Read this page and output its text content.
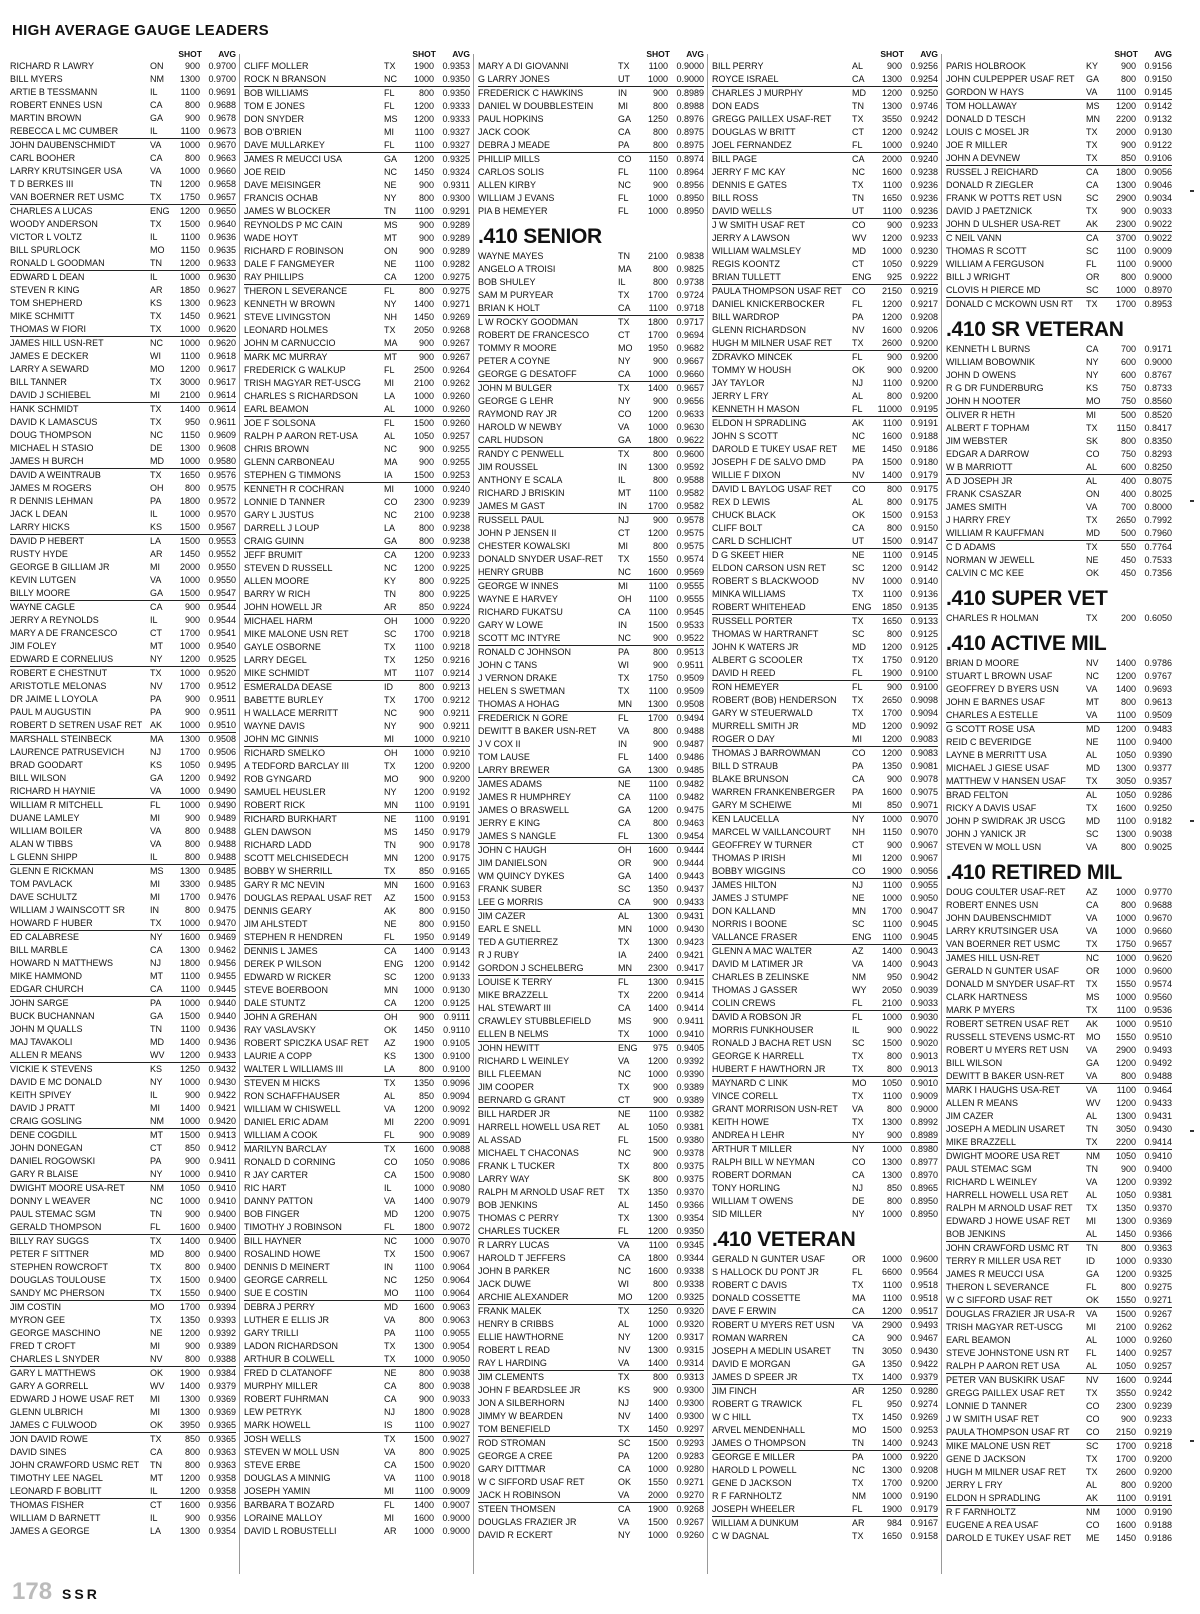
HIGH AVERAGE GAUGE LEADERS
SHOT	AVG
RICHARD R LAWRY	ON	900 0.9700
BILL MYERS	NM	1300 0.9700
ARTIE B TESSMANN	IL	1100 0.9691
ROBERT ENNES USN	CA	800 0.9688
MARTIN BROWN	GA	900 0.9678
REBECCA L MC CUMBER	IL	1100 0.9673
JOHN DAUBENSCHMIDT	VA	1000 0.9670
CARL BOOHER	CA	800 0.9663
LARRY KRUTSINGER USA	VA	1000 0.9660
T D BERKES III	TN	1200 0.9658
VAN BOERNER RET USMC	TX	1750 0.9657
CHARLES A LUCAS	ENG	1200 0.9650
WOODY ANDERSON	TX	1500 0.9640
VICTOR L VOLTZ	IL	1100 0.9636
BILL SPURLOCK	MO	1150 0.9635
RONALD L GOODMAN	TN	1200 0.9633
EDWARD L DEAN	IL	1000 0.9630
STEVEN R KING	AR	1850 0.9627
TOM SHEPHERD	KS	1300 0.9623
MIKE SCHMITT	TX	1450 0.9621
THOMAS W FIORI	TX	1000 0.9620
JAMES HILL USN-RET	NC	1000 0.9620
JAMES E DECKER	WI	1100 0.9618
LARRY A SEWARD	MO	1200 0.9617
BILL TANNER	TX	3000 0.9617
DAVID J SCHIEBEL	MI	2100 0.9614
HANK SCHMIDT	TX	1400 0.9614
DAVID K LAMASCUS	TX	950	0.9611
DOUG THOMPSON	NC	1150 0.9609
MICHAEL H STASIO	DE	1300 0.9608
JAMES H BURCH	MD	1000 0.9580
DAVID A WEINTRAUB	TX	1650 0.9576
JAMES M ROGERS	OH	800 0.9575
R DENNIS LEHMAN	PA	1800 0.9572
JACK L DEAN	IL	1000 0.9570
LARRY HICKS	KS	1500 0.9567
DAVID P HEBERT	LA	1500 0.9553
RUSTY HYDE	AR	1450 0.9552
GEORGE B GILLIAM JR	MI	2000 0.9550
KEVIN LUTGEN	VA	1000 0.9550
BILLY MOORE	GA	1500 0.9547
WAYNE CAGLE	CA	900 0.9544
JERRY A REYNOLDS	IL	900 0.9544
MARY A DE FRANCESCO	CT	1700 0.9541
JIM FOLEY	MT	1000 0.9540
EDWARD E CORNELIUS	NY	1200 0.9525
ROBERT E CHESTNUT	TX	1000 0.9520
ARISTOTLE MELONAS	NV	1700 0.9512
DR JAIME L LOYOLA	PA	900	0.9511
PAUL M AUGUSTIN	PA	900	0.9511
ROBERT D SETREN USAF RET AK	1000 0.9510
MARSHALL STEINBECK	MA	1300 0.9508
LAURENCE PATRUSEVICH	NJ	1700 0.9506
BRAD GOODART	KS	1050 0.9495
BILL WILSON	GA	1200 0.9492
RICHARD H HAYNIE	VA	1000 0.9490
WILLIAM R MITCHELL	FL	1000 0.9490
DUANE LAMLEY	MI	900 0.9489
WILLIAM BOILER	VA	800 0.9488
ALAN W TIBBS	VA	800 0.9488
L GLENN SHIPP	IL	800 0.9488
GLENN E RICKMAN	MS	1300 0.9485
TOM PAVLACK	MI	3300 0.9485
DAVE SCHULTZ	MI	1700 0.9476
WILLIAM J WAINSCOTT SR	IN	800 0.9475
HOWARD F HUBER	TX	1000 0.9470
ED CALABRESE	NY	1600 0.9469
BILL MARBLE	CA	1300 0.9462
HOWARD N MATTHEWS	NJ	1800 0.9456
MIKE HAMMOND	MT	1100 0.9455
EDGAR CHURCH	CA	1100 0.9445
JOHN SARGE	PA	1000 0.9440
BUCK BUCHANNAN	GA	1500 0.9440
JOHN M QUALLS	TN	1100 0.9436
MAJ TAVAKOLI	MD	1400 0.9436
ALLEN R MEANS	WV	1200 0.9433
VICKIE K STEVENS	KS	1250 0.9432
DAVID E MC DONALD	NY	1000 0.9430
KEITH SPIVEY	IL	900 0.9422
DAVID J PRATT	MI	1400 0.9421
CRAIG GOSLING	NM	1000 0.9420
DENE COGDILL	MT	1500 0.9413
JOHN DONEGAN	CT	850 0.9412
DANIEL ROGOWSKI	PA	900	0.9411
GARY R BLAISE	NY	1000 0.9410
DWIGHT MOORE USA-RET	NM	1050 0.9410
DONNY L WEAVER	NC	1000 0.9410
PAUL STEMAC SGM	TN	900 0.9400
GERALD THOMPSON	FL	1600 0.9400
BILLY RAY SUGGS	TX	1400 0.9400
PETER F SITTNER	MD	800 0.9400
STEPHEN ROWCROFT	TX	800 0.9400
DOUGLAS TOULOUSE	TX	1500 0.9400
SANDY MC PHERSON	TX	1550 0.9400
JIM COSTIN	MO	1700 0.9394
MYRON GEE	TX	1350 0.9393
GEORGE MASCHINO	NE	1200 0.9392
FRED T CROFT	MI	900 0.9389
CHARLES L SNYDER	NV	800 0.9388
GARY L MATTHEWS	OK	1900 0.9384
GARY A GORRELL	WV	1400 0.9379
EDWARD J HOWE USAF RET	MI	1300 0.9369
GLENN ULBRICH	MI	1300 0.9369
JAMES C FULWOOD	OK	3950 0.9365
JON DAVID ROWE	TX	850 0.9365
DAVID SINES	CA	800 0.9363
JOHN CRAWFORD USMC RET	TN	800 0.9363
TIMOTHY LEE NAGEL	MT	1200 0.9358
LEONARD F BOBLITT	IL	1200 0.9358
THOMAS FISHER	CT	1600 0.9356
WILLIAM D BARNETT	IL	900 0.9356
JAMES A GEORGE	LA	1300 0.9354
SHOT	AVG
CLIFF MOLLER	TX	1900 0.9353
ROCK N BRANSON	NC	1000 0.9350
BOB WILLIAMS	FL	800 0.9350
TOM E JONES	FL	1200 0.9333
DON SNYDER	MS	1200 0.9333
BOB O'BRIEN	MI	1100 0.9327
DAVE MULLARKEY	FL	1100 0.9327
JAMES R MEUCCI USA	GA	1200 0.9325
JOE REID	NC	1450 0.9324
DAVE MEISINGER	NE	900	0.9311
FRANCIS OCHAB	NY	800 0.9300
JAMES W BLOCKER	TN	1100 0.9291
REYNOLDS P MC CAIN	MS	900 0.9289
WADE HOYT	MT	900 0.9289
RICHARD F ROBINSON	ON	900 0.9289
DALE F FANGMEYER	NE	1100 0.9282
RAY PHILLIPS	CA	1200 0.9275
THERON L SEVERANCE	FL	800 0.9275
KENNETH W BROWN	NY	1400 0.9271
STEVE LIVINGSTON	NH	1450 0.9269
LEONARD HOLMES	TX	2050 0.9268
JOHN M CARNUCCIO	MA	900 0.9267
MARK MC MURRAY	MT	900 0.9267
FREDERICK G WALKUP	FL	2500 0.9264
TRISH MAGYAR RET-USCG	MI	2100 0.9262
CHARLES S RICHARDSON	LA	1000 0.9260
EARL BEAMON	AL	1000 0.9260
JOE F SOLSONA	FL	1500 0.9260
RALPH P AARON RET-USA	AL	1050 0.9257
CHRIS BROWN	NC	900 0.9255
GLENN CARBONEAU	MA	900 0.9255
STEPHEN G TIMMONS	IA	1500 0.9253
KENNETH R COCHRAN	MI	1000 0.9240
LONNIE D TANNER	CO	2300 0.9239
GARY L JUSTUS	NC	2100 0.9238
DARRELL J LOUP	LA	800 0.9238
CRAIG GUINN	GA	800 0.9238
JEFF BRUMIT	CA	1200 0.9233
STEVEN D RUSSELL	NC	1200 0.9225
ALLEN MOORE	KY	800 0.9225
BARRY W RICH	TN	800 0.9225
JOHN HOWELL JR	AR	850 0.9224
MICHAEL HARM	OH	1000 0.9220
MIKE MALONE USN RET	SC	1700 0.9218
GAYLE OSBORNE	TX	1100 0.9218
LARRY DEGEL	TX	1250 0.9216
MIKE SCHMIDT	MT	1107 0.9214
ESMERALDA DEASE	ID	800 0.9213
BABETTE BURLEY	TX	1700 0.9212
H WALLACE MERRITT	NC	900	0.9211
WAYNE DAVIS	NY	900	0.9211
JOHN MC GINNIS	MI	1000 0.9210
RICHARD SMELKO	OH	1000 0.9210
A TEDFORD BARCLAY III	TX	1200 0.9200
ROB GYNGARD	MO	900 0.9200
SAMUEL HEUSLER	NY	1200 0.9192
ROBERT RICK	MN	1100 0.9191
RICHARD BURKHART	NE	1100 0.9191
GLEN DAWSON	MS	1450 0.9179
RICHARD LADD	TN	900 0.9178
SCOTT MELCHISEDECH	MN	1200 0.9175
BOBBY W SHERRILL	TX	850 0.9165
GARY R MC NEVIN	MN	1600 0.9163
DOUGLAS REPAAL USAF RET	AZ	1500 0.9153
DENNIS GEARY	AK	800 0.9150
JIM AHLSTEDT	NE	800 0.9150
STEPHEN R HENDREN	FL	1950 0.9149
DENNIS L JAMES	CA	1400 0.9143
DEREK P WILSON	ENG	1200 0.9142
EDWARD W RICKER	SC	1200 0.9133
STEVE BOERBOON	MN	1000 0.9130
DALE STUNTZ	CA	1200 0.9125
JOHN A GREHAN	OH	900	0.9111
RAY VASLAVSKY	OK	1450	0.9110
ROBERT SPICZKA USAF RET	AZ	1900 0.9105
LAURIE A COPP	KS	1300 0.9100
WALTER L WILLIAMS III	LA	800 0.9100
STEVEN M HICKS	TX	1350 0.9096
RON SCHAFFHAUSER	AL	850 0.9094
WILLIAM W CHISWELL	VA	1200 0.9092
DANIEL ERIC ADAM	MI	2200 0.9091
WILLIAM A COOK	FL	900 0.9089
MARILYN BARCLAY	TX	1600 0.9088
RONALD D CORNING	CO	1050 0.9086
R JAY CARTER	CA	1500 0.9080
RIC HART	IL	1000 0.9080
DANNY PATTON	VA	1400 0.9079
BOB FINGER	MD	1200 0.9075
TIMOTHY J ROBINSON	FL	1800 0.9072
BILL HAYNER	NC	1000 0.9070
ROSALIND HOWE	TX	1500 0.9067
DENNIS D MEINERT	IN	1100 0.9064
GEORGE CARRELL	NC	1250 0.9064
SUE E COSTIN	MO	1100 0.9064
DEBRA J PERRY	MD	1600 0.9063
LUTHER E ELLIS JR	VA	800 0.9063
GARY TRILLI	PA	1100 0.9055
LADON RICHARDSON	TX	1300 0.9054
ARTHUR B COLWELL	TX	1000 0.9050
FRED D CLATANOFF	NE	800 0.9038
MURPHY MILLER	CA	800 0.9038
ROBERT FUHRMAN	CA	900 0.9033
LEW PETRYK	NJ	1800 0.9028
MARK HOWELL	IS	1100 0.9027
JOSH WELLS	TX	1500 0.9027
STEVEN W MOLL USN	VA	800 0.9025
STEVE ERBE	CA	1500 0.9020
DOUGLAS A MINNIG	VA	1100 0.9018
JOSEPH YAMIN	MI	1100 0.9009
BARBARA T BOZARD	FL	1400 0.9007
LORAINE MALLOY	MI	1600 0.9000
DAVID L ROBUSTELLI	AR	1000 0.9000
SHOT	AVG
MARY A DI GIOVANNI	TX	1100 0.9000
G LARRY JONES	UT	1000 0.9000
FREDERICK C HAWKINS	IN	900 0.8989
DANIEL W DOUBBLESTEIN	MI	800 0.8988
PAUL HOPKINS	GA	1250 0.8976
JACK COOK	CA	800 0.8975
DEBRA J MEADE	PA	800 0.8975
PHILLIP MILLS	CO	1150 0.8974
CARLOS SOLIS	FL	1100 0.8964
ALLEN KIRBY	NC	900 0.8956
WILLIAM J EVANS	FL	1000 0.8950
PIA B HEMEYER	FL	1000 0.8950
.410 SENIOR
WAYNE MAYES	TN	2100 0.9838
ANGELO A TROISI	MA	800 0.9825
BOB SHULEY	IL	800 0.9738
SAM M PURYEAR	TX	1700 0.9724
BRIAN K HOLT	CA	1100 0.9718
L W ROCKY GOODMAN	TX	1800 0.9717
ROBERT DE FRANCESCO	CT	1700 0.9694
TOMMY R MOORE	MO	1950 0.9682
PETER A COYNE	NY	900 0.9667
GEORGE G DESATOFF	CA	1000 0.9660
JOHN M BULGER	TX	1400 0.9657
GEORGE G LEHR	NY	900 0.9656
RAYMOND RAY JR	CO	1200 0.9633
HAROLD W NEWBY	VA	1000 0.9630
CARL HUDSON	GA	1800 0.9622
RANDY C PENWELL	TX	800 0.9600
JIM ROUSSEL	IN	1300 0.9592
ANTHONY E SCALA	IL	800 0.9588
RICHARD J BRISKIN	MT	1100 0.9582
JAMES M GAST	IN	1700 0.9582
RUSSELL PAUL	NJ	900 0.9578
JOHN P JENSEN II	CT	1200 0.9575
CHESTER KOWALSKI	MI	800 0.9575
DONALD SNYDER USAF-RET	TX	1550 0.9574
HENRY GRUBB	NC	1600 0.9569
GEORGE W INNES	MI	1100 0.9555
WAYNE E HARVEY	OH	1100 0.9555
RICHARD FUKATSU	CA	1100 0.9545
GARY W LOWE	IN	1500 0.9533
SCOTT MC INTYRE	NC	900 0.9522
RONALD C JOHNSON	PA	800 0.9513
JOHN C TANS	WI	900	0.9511
J VERNON DRAKE	TX	1750 0.9509
HELEN S SWETMAN	TX	1100 0.9509
THOMAS A HOHAG	MN	1300 0.9508
FREDERICK N GORE	FL	1700 0.9494
DEWITT B BAKER USN-RET	VA	800 0.9488
J V COX II	IN	900 0.9487
TOM LAUSE	FL	1400 0.9486
LARRY BREWER	GA	1300 0.9485
JAMES ADAMS	NE	1100 0.9482
JAMES R HUMPHREY	CA	1100 0.9482
JAMES O BRASWELL	GA	1200 0.9475
JERRY E KING	CA	800 0.9463
JAMES S NANGLE	FL	1300 0.9454
JOHN C HAUGH	OH	1600 0.9444
JIM DANIELSON	OR	900 0.9444
WM QUINCY DYKES	GA	1400 0.9443
FRANK SUBER	SC	1350 0.9437
LEE G MORRIS	CA	900 0.9433
JIM CAZER	AL	1300 0.9431
EARL E SNELL	MN	1000 0.9430
TED A GUTIERREZ	TX	1300 0.9423
R J RUBY	IA	2400 0.9421
GORDON J SCHELBERG	MN	2300 0.9417
LOUISE K TERRY	FL	1300 0.9415
MIKE BRAZZELL	TX	2200 0.9414
HAL STEWART III	CA	1400 0.9414
CRAWLEY STUBBLEFIELD	MS	900	0.9411
ELLEN B NELMS	TX	1000 0.9410
JOHN HEWITT	ENG	975 0.9405
RICHARD L WEINLEY	VA	1200 0.9392
BILL FLEEMAN	NC	1000 0.9390
JIM COOPER	TX	900 0.9389
BERNARD G GRANT	CT	900 0.9389
BILL HARDER JR	NE	1100 0.9382
HARRELL HOWELL USA RET	AL	1050 0.9381
AL ASSAD	FL	1500 0.9380
MICHAEL T CHACONAS	NC	900 0.9378
FRANK L TUCKER	TX	800 0.9375
LARRY WAY	SK	800 0.9375
RALPH M ARNOLD USAF RET	TX	1350 0.9370
BOB JENKINS	AL	1450 0.9366
THOMAS C PERRY	TX	1300 0.9354
CHARLES TUCKER	FL	1200 0.9350
R LARRY LUCAS	VA	1100 0.9345
HAROLD T JEFFERS	CA	1800 0.9344
JOHN B PARKER	NC	1600 0.9338
JACK DUWE	WI	800 0.9338
ARCHIE ALEXANDER	MO	1200 0.9325
FRANK MALEK	TX	1250 0.9320
HENRY B CRIBBS	AL	1000 0.9320
ELLIE HAWTHORNE	NY	1200 0.9317
ROBERT L READ	NV	1300 0.9315
RAY L HARDING	VA	1400 0.9314
JIM CLEMENTS	TX	800 0.9313
JOHN F BEARDSLEE JR	KS	900 0.9300
JON A SILBERHORN	NJ	1400 0.9300
JIMMY W BEARDEN	NV	1400 0.9300
TOM BENEFIELD	TX	1450 0.9297
ROD STROMAN	SC	1500 0.9293
GEORGE A CREE	PA	1200 0.9283
GARY DITTMAR	CA	1000 0.9280
W C SIFFORD USAF RET	OK	1550 0.9271
JACK H ROBINSON	VA	2000 0.9270
STEEN THOMSEN	CA	1900 0.9268
DOUGLAS FRAZIER JR	VA	1500 0.9267
DAVID R ECKERT	NY	1000 0.9260
SHOT	AVG
BILL PERRY	AL	900 0.9256
ROYCE ISRAEL	CA	1300 0.9254
CHARLES J MURPHY	MD	1200 0.9250
DON EADS	TN	1300 0.9746
GREGG PAILLEX USAF-RET	TX	3550 0.9242
DOUGLAS W BRITT	CT	1200 0.9242
JOEL FERNANDEZ	FL	1000 0.9240
BILL PAGE	CA	2000 0.9240
JERRY F MC KAY	NC	1600 0.9238
DENNIS E GATES	TX	1100 0.9236
BILL ROSS	TN	1650 0.9236
DAVID WELLS	UT	1100 0.9236
J W SMITH USAF RET	CO	900 0.9233
JERRY A LAWSON	WV	1200 0.9233
WILLIAM WALMSLEY	MD	1000 0.9230
REGIS KOONTZ	CT	1050 0.9229
BRIAN TULLETT	ENG	925 0.9222
PAULA THOMPSON USAF RET	CO	2150 0.9219
DANIEL KNICKERBOCKER	FL	1200 0.9217
BILL WARDROP	PA	1200 0.9208
GLENN RICHARDSON	NV	1600 0.9206
HUGH M MILNER USAF RET	TX	2600 0.9200
ZDRAVKO MINCEK	FL	900 0.9200
TOMMY W HOUSH	OK	900 0.9200
JAY TAYLOR	NJ	1100 0.9200
JERRY L FRY	AL	800 0.9200
KENNETH H MASON	FL	11000 0.9195
ELDON H SPRADLING	AK	1100 0.9191
JOHN S SCOTT	NC	1600 0.9188
DAROLD E TUKEY USAF RET	ME	1450 0.9186
JOSEPH F DE SALVO DMD	PA	1500 0.9180
WILLIE F DIXON	NV	1400 0.9179
DAVID L BAYLOG USAF RET	CO	800 0.9175
REX D LEWIS	AL	800 0.9175
CHUCK BLACK	OK	1500 0.9153
CLIFF BOLT	CA	800 0.9150
CARL D SCHLICHT	UT	1500 0.9147
D G SKEET HIER	NE	1100 0.9145
ELDON CARSON USN RET	SC	1200 0.9142
ROBERT S BLACKWOOD	NV	1000 0.9140
MINKA WILLIAMS	TX	1100 0.9136
ROBERT WHITEHEAD	ENG	1850 0.9135
RUSSELL PORTER	TX	1650 0.9133
THOMAS W HARTRANFT	SC	800 0.9125
JOHN K WATERS JR	MD	1200 0.9125
ALBERT G SCOOLER	TX	1750 0.9120
DAVID H REED	FL	1900 0.9100
RON HEMEYER	FL	900 0.9100
ROBERT (BOB) HENDERSON	TX	2650 0.9098
GARY W STEUERWALD	TX	1700 0.9094
MURRELL SMITH JR	MD	1200 0.9092
ROGER O DAY	MI	1200 0.9083
THOMAS J BARROWMAN	CO	1200 0.9083
BILL D STRAUB	PA	1350 0.9081
BLAKE BRUNSON	CA	900 0.9078
WARREN FRANKENBERGER	PA	1600 0.9075
GARY M SCHEIWE	MI	850 0.9071
KEN LAUCELLA	NY	1000 0.9070
MARCEL W VAILLANCOURT	NH	1150 0.9070
GEOFFREY W TURNER	CT	900 0.9067
THOMAS P IRISH	MI	1200 0.9067
BOBBY WIGGINS	CO	1900 0.9056
JAMES HILTON	NJ	1100 0.9055
JAMES J STUMPF	NE	1000 0.9050
DON KALLAND	MN	1700 0.9047
NORRIS I BOONE	SC	1100 0.9045
VALLANCE FRASER	ENG	1100 0.9045
GLENN A MAC WALTER	AZ	1400 0.9043
DAVID M LATIMER JR	VA	1400 0.9043
CHARLES B ZELINSKE	NM	950 0.9042
THOMAS J GASSER	WY	2050 0.9039
COLIN CREWS	FL	2100 0.9033
DAVID A ROBSON JR	FL	1000 0.9030
MORRIS FUNKHOUSER	IL	900 0.9022
RONALD J BACHA RET USN	SC	1500 0.9020
GEORGE K HARRELL	TX	800 0.9013
HUBERT F HAWTHORN JR	TX	800 0.9013
MAYNARD C LINK	MO	1050 0.9010
VINCE CORELL	TX	1100 0.9009
GRANT MORRISON USN-RET	VA	800 0.9000
KEITH HOWE	TX	1300 0.8992
ANDREA H LEHR	NY	900 0.8989
ARTHUR T MILLER	NY	1000 0.8980
RALPH BILL W NEYMAN	CO	1300 0.8977
ROBERT DORMAN	CA	1300 0.8970
TONY HORLING	NJ	850 0.8965
WILLIAM T OWENS	DE	800 0.8950
SID MILLER	NY	1000 0.8950
.410 VETERAN
GERALD N GUNTER USAF	OR	1000 0.9600
S HALLOCK DU PONT JR	FL	6600 0.9564
ROBERT C DAVIS	TX	1100 0.9518
DONALD COSSETTE	MA	1100 0.9518
DAVE F ERWIN	CA	1200 0.9517
ROBERT U MYERS RET USN	VA	2900 0.9493
ROMAN WARREN	CA	900 0.9467
JOSEPH A MEDLIN USARET	TN	3050 0.9430
DAVID E MORGAN	GA	1350 0.9422
JAMES D SPEER JR	TX	1400 0.9379
JIM FINCH	AR	1250 0.9280
ROBERT G TRAWICK	FL	950 0.9274
W C HILL	TX	1450 0.9269
ARVEL MENDENHALL	MO	1500 0.9253
JAMES O THOMPSON	TN	1400 0.9243
GEORGE E MILLER	PA	1000 0.9220
HAROLD L POWELL	NC	1300 0.9208
GENE D JACKSON	TX	1700 0.9200
R F FARNHOLTZ	NM	1000 0.9190
JOSEPH WHEELER	FL	1900 0.9179
WILLIAM A DUNKUM	AR	984 0.9167
C W DAGNAL	TX	1650 0.9158
SHOT	AVG
PARIS HOLBROOK	KY	900 0.9156
JOHN CULPEPPER USAF RET	GA	800 0.9150
GORDON W HAYS	VA	1100 0.9145
TOM HOLLAWAY	MS	1200 0.9142
DONALD D TESCH	MN	2200 0.9132
LOUIS C MOSEL JR	TX	2000 0.9130
JOE R MILLER	TX	900 0.9122
JOHN A DEVNEW	TX	850 0.9106
RUSSEL J REICHARD	CA	1800 0.9056
DONALD R ZIEGLER	CA	1300 0.9046
FRANK W POTTS RET USN	SC	2900 0.9034
DAVID J PAETZNICK	TX	900 0.9033
JOHN D ULSHER USA-RET	AK	2300 0.9022
C NEIL VANN	CA	3700 0.9022
THOMAS R SCOTT	SC	1100 0.9009
WILLIAM A FERGUSON	FL	1100 0.9000
BILL J WRIGHT	OR	800 0.9000
CLOVIS H PIERCE MD	SC	1000 0.8970
DONALD C MCKOWN USN RT	TX	1700 0.8953
.410 SR VETERAN
KENNETH L BURNS	CA	700 0.9171
WILLIAM BOBOWNIK	NY	600 0.9000
JOHN D OWENS	NY	600 0.8767
R G DR FUNDERBURG	KS	750 0.8733
JOHN H NOOTER	MO	750 0.8560
OLIVER R HETH	MI	500 0.8520
ALBERT F TOPHAM	TX	1150 0.8417
JIM WEBSTER	SK	800 0.8350
EDGAR A DARROW	CO	750 0.8293
W B MARRIOTT	AL	600 0.8250
A D JOSEPH JR	AL	400 0.8075
FRANK CSASZAR	ON	400 0.8025
JAMES SMITH	VA	700 0.8000
J HARRY FREY	TX	2650 0.7992
WILLIAM R KAUFFMAN	MD	500 0.7960
C D ADAMS	TX	550 0.7764
NORMAN W JEWELL	NE	450 0.7533
CALVIN C MC KEE	OK	450 0.7356
.410 SUPER VET
CHARLES R HOLMAN	TX	200 0.6050
.410 ACTIVE MIL
BRIAN D MOORE	NV	1400 0.9786
STUART L BROWN USAF	NC	1200 0.9767
GEOFFREY D BYERS USN	VA	1400 0.9693
JOHN E BARNES USAF	MT	800 0.9613
CHARLES A ESTELLE	VA	1100 0.9509
G SCOTT ROSE USA	MD	1200 0.9483
REID C BEVERIDGE	NE	1100 0.9400
LAYNE B MERRITT USA	AL	1050 0.9390
MICHAEL J GIESE USAF	MD	1300 0.9377
MATTHEW V HANSEN USAF	TX	3050 0.9357
BRAD FELTON	AL	1050 0.9286
RICKY A DAVIS USAF	TX	1600 0.9250
JOHN P SWIDRAK JR USCG	MD	1100 0.9182
JOHN J YANICK JR	SC	1300 0.9038
STEVEN W MOLL USN	VA	800 0.9025
.410 RETIRED MIL
DOUG COULTER USAF-RET	AZ	1000 0.9770
ROBERT ENNES USN	CA	800 0.9688
JOHN DAUBENSCHMIDT	VA	1000 0.9670
LARRY KRUTSINGER USA	VA	1000 0.9660
VAN BOERNER RET USMC	TX	1750 0.9657
JAMES HILL USN-RET	NC	1000 0.9620
GERALD N GUNTER USAF	OR	1000 0.9600
DONALD M SNYDER USAF-RT	TX	1550 0.9574
CLARK HARTNESS	MS	1000 0.9560
MARK P MYERS	TX	1100 0.9536
ROBERT SETREN USAF RET	AK	1000 0.9510
RUSSELL STEVENS USMC-RT	MO	1550 0.9510
ROBERT U MYERS RET USN	VA	2900 0.9493
BILL WILSON	GA	1200 0.9492
DEWITT B BAKER USN-RET	VA	800 0.9488
MARK I HAUGHS USA-RET	VA	1100 0.9464
ALLEN R MEANS	WV	1200 0.9433
JIM CAZER	AL	1300 0.9431
JOSEPH A MEDLIN USARET	TN	3050 0.9430
MIKE BRAZZELL	TX	2200 0.9414
DWIGHT MOORE USA RET	NM	1050 0.9410
PAUL STEMAC SGM	TN	900 0.9400
RICHARD L WEINLEY	VA	1200 0.9392
HARRELL HOWELL USA RET	AL	1050 0.9381
RALPH M ARNOLD USAF RET	TX	1350 0.9370
EDWARD J HOWE USAF RET	MI	1300 0.9369
BOB JENKINS	AL	1450 0.9366
JOHN CRAWFORD USMC RT	TN	800 0.9363
TERRY R MILLER USA RET	ID	1000 0.9330
JAMES R MEUCCI USA	GA	1200 0.9325
THERON L SEVERANCE	FL	800 0.9275
W C SIFFORD USAF RET	OK	1550 0.9271
DOUGLAS FRAZIER JR USA-R	VA	1500 0.9267
TRISH MAGYAR RET-USCG	MI	2100 0.9262
EARL BEAMON	AL	1000 0.9260
STEVE JOHNSTONE USN RT	FL	1400 0.9257
RALPH P AARON RET USA	AL	1050 0.9257
PETER VAN BUSKIRK USAF	NV	1600 0.9244
GREGG PAILLEX USAF RET	TX	3550 0.9242
LONNIE D TANNER	CO	2300 0.9239
J W SMITH USAF RET	CO	900 0.9233
PAULA THOMPSON USAF RT	CO	2150 0.9219
MIKE MALONE USN RET	SC	1700 0.9218
GENE D JACKSON	TX	1700 0.9200
HUGH M MILNER USAF RET	TX	2600 0.9200
JERRY L FRY	AL	800 0.9200
ELDON H SPRADLING	AK	1100 0.9191
R F FARNHOLTZ	NM	1000 0.9190
EUGENE A REA USAF	CO	1600 0.9188
DAROLD E TUKEY USAF RET	ME	1450 0.9186
178 SSR
